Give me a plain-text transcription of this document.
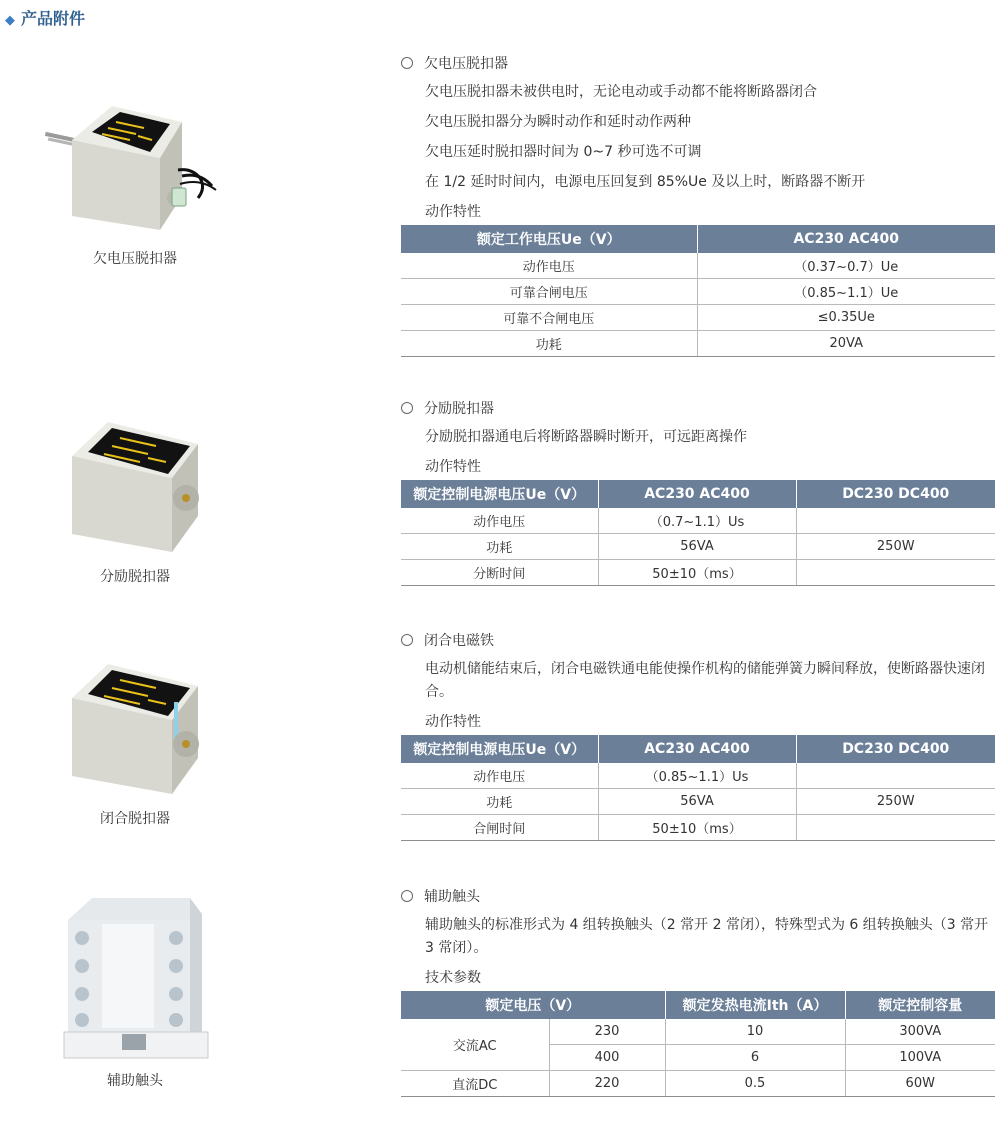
◆ 产品附件
欠电压脱扣器
欠电压脱扣器
欠电压脱扣器未被供电时，无论电动或手动都不能将断路器闭合
欠电压脱扣器分为瞬时动作和延时动作两种
欠电压延时脱扣器时间为 0~7 秒可选不可调
在 1/2 延时时间内，电源电压回复到 85%Ue 及以上时，断路器不断开
动作特性
额定工作电压Ue（V）	AC230 AC400
动作电压	（0.37~0.7）Ue
可靠合闸电压	（0.85~1.1）Ue
可靠不合闸电压	≤0.35Ue
功耗	20VA
分励脱扣器
分励脱扣器
分励脱扣器通电后将断路器瞬时断开，可远距离操作
动作特性
额定控制电源电压Ue（V）	AC230 AC400	DC230 DC400
动作电压	（0.7~1.1）Us	
功耗	56VA	250W
分断时间	50±10（ms）	
闭合脱扣器
闭合电磁铁
电动机储能结束后，闭合电磁铁通电能使操作机构的储能弹簧力瞬间释放，使断路器快速闭合。
动作特性
额定控制电源电压Ue（V）	AC230 AC400	DC230 DC400
动作电压	（0.85~1.1）Us	
功耗	56VA	250W
合闸时间	50±10（ms）	
辅助触头
辅助触头
辅助触头的标准形式为 4 组转换触头（2 常开 2 常闭），特殊型式为 6 组转换触头（3 常开 3 常闭）。
技术参数
额定电压（V）		额定发热电流Ith（A）	额定控制容量
交流AC	230	10	300VA
	400	6	100VA
直流DC	220	0.5	60W
